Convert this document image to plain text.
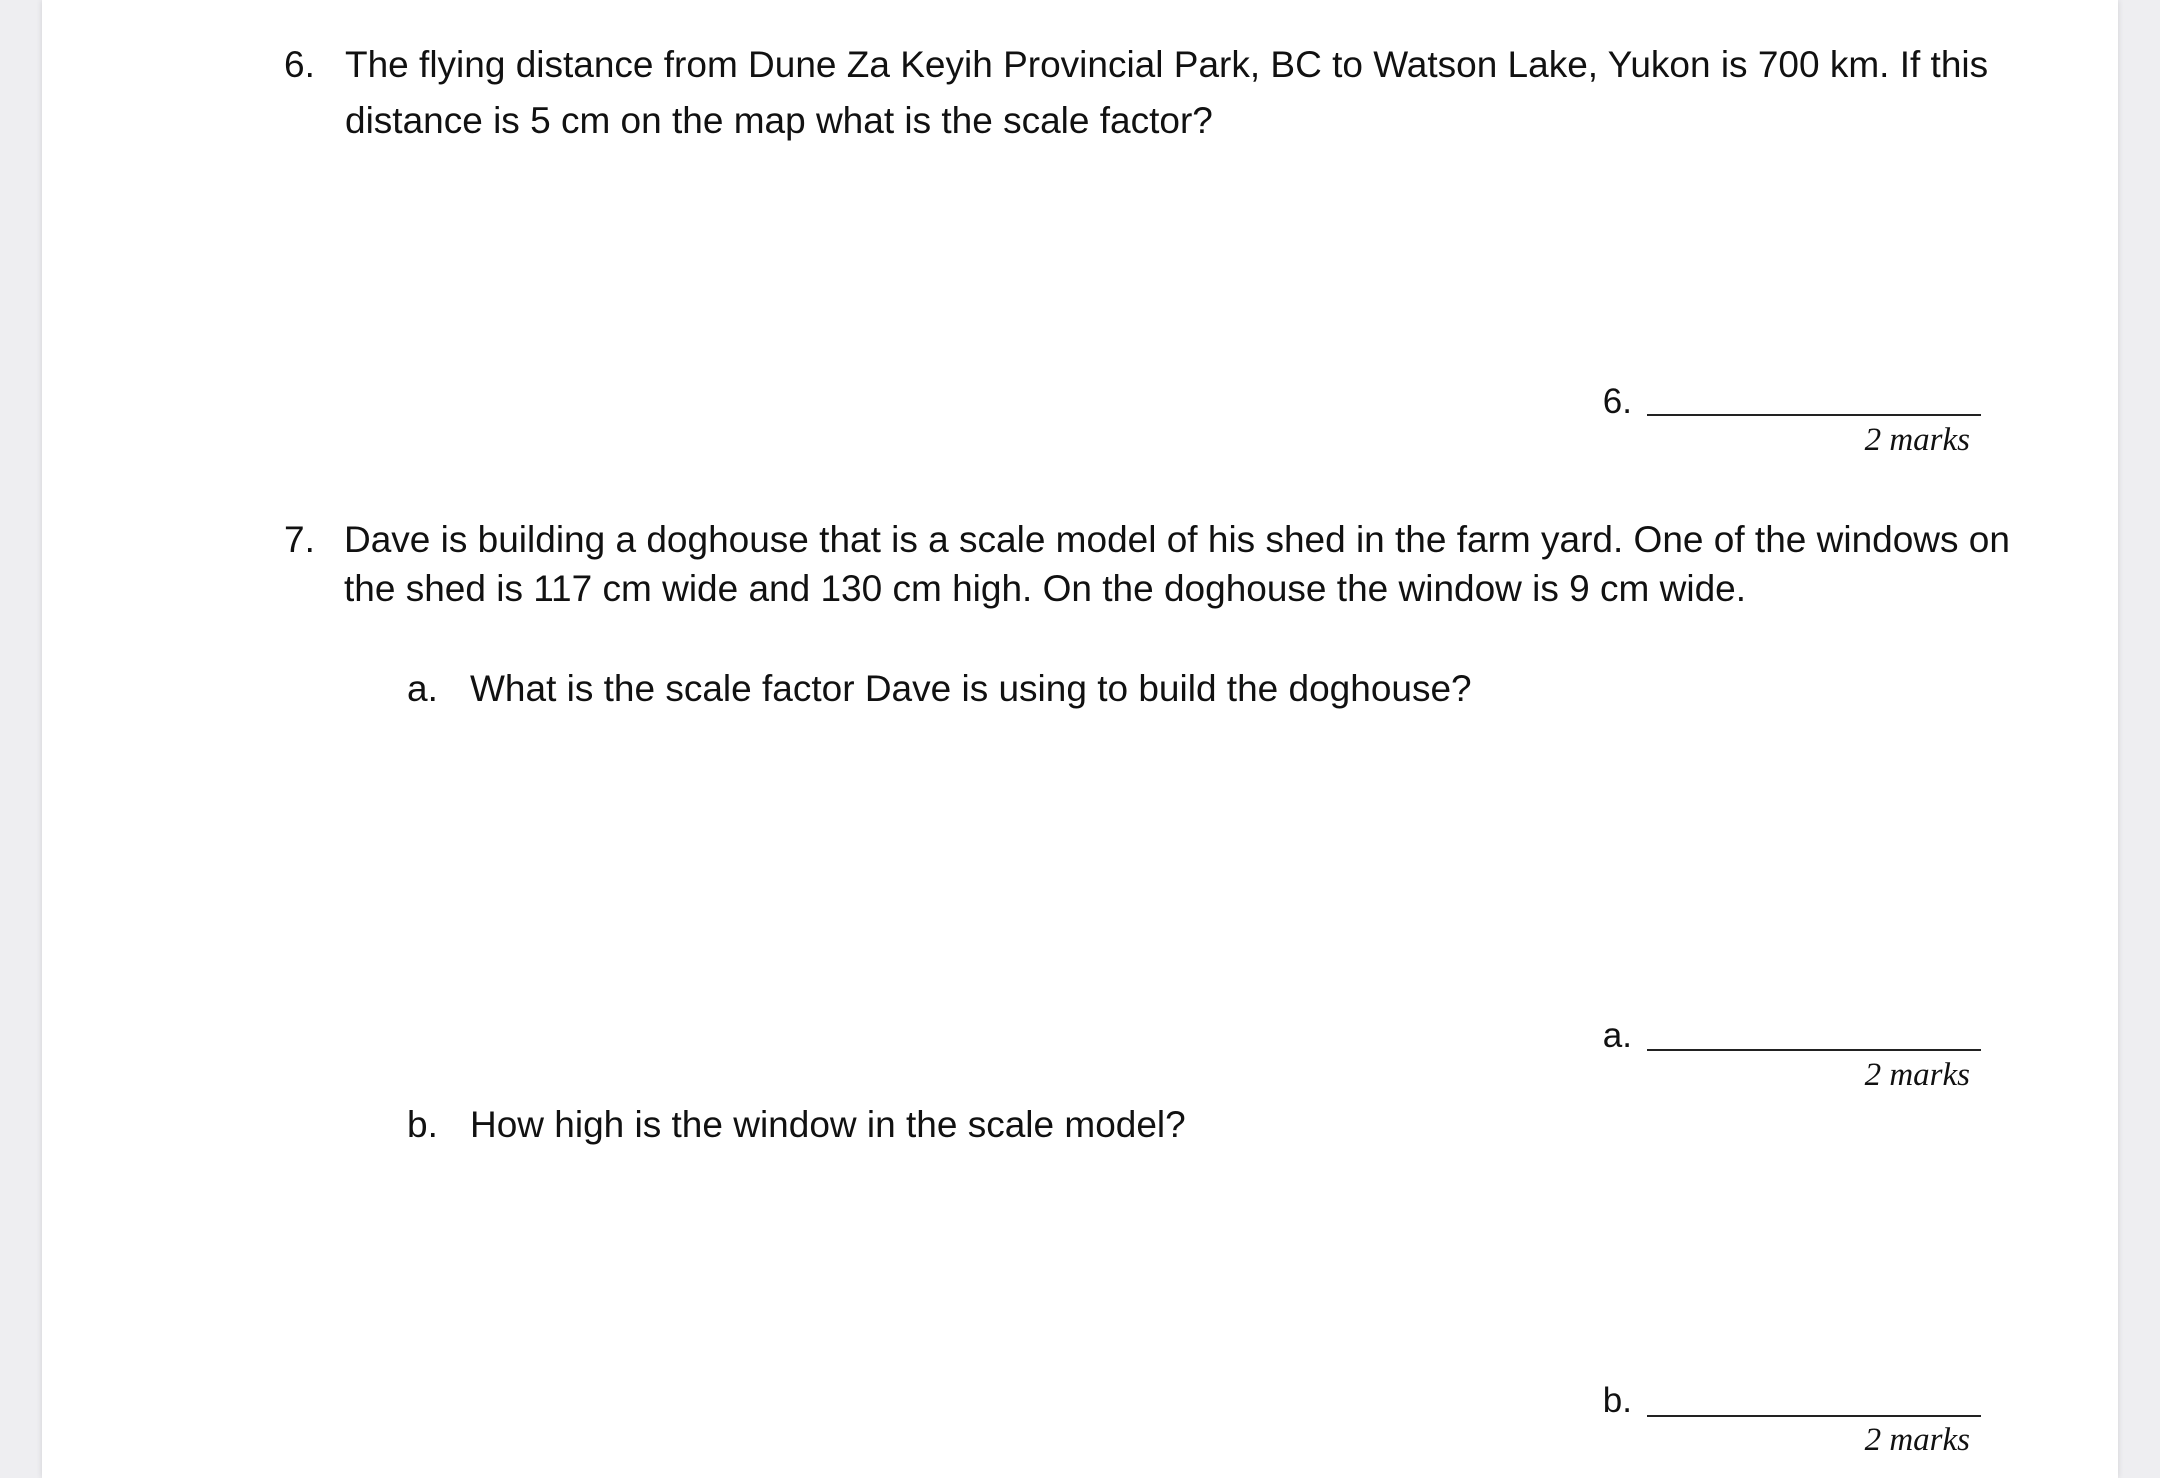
6. The flying distance from Dune Za Keyih Provincial Park, BC to Watson Lake, Yukon is 700 km. If this
distance is 5 cm on the map what is the scale factor?
6.
2 marks
7. Dave is building a doghouse that is a scale model of his shed in the farm yard. One of the windows on
the shed is 117 cm wide and 130 cm high. On the doghouse the window is 9 cm wide.
a. What is the scale factor Dave is using to build the doghouse?
a.
2 marks
b. How high is the window in the scale model?
b.
2 marks
